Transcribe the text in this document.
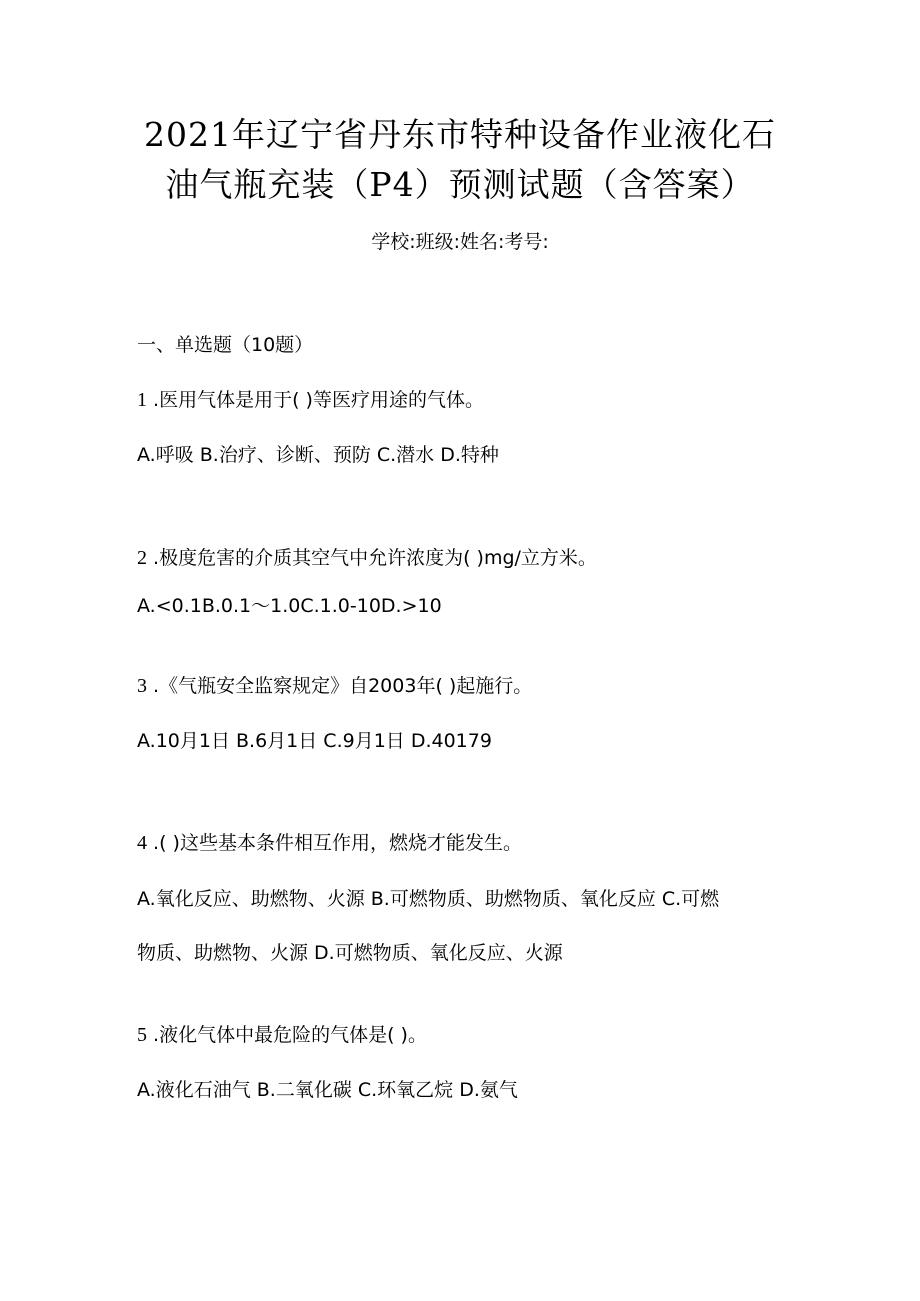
2021年辽宁省丹东市特种设备作业液化石
油气瓶充装（P4）预测试题（含答案）
学校:班级:姓名:考号:
一、单选题（10题）
1 .医用气体是用于( )等医疗用途的气体。
A.呼吸 B.治疗、诊断、预防 C.潜水 D.特种
2 .极度危害的介质其空气中允许浓度为( )mg/立方米。
A.<0.1B.0.1～1.0C.1.0-10D.>10
3 .《气瓶安全监察规定》自2003年( )起施行。
A.10月1日 B.6月1日 C.9月1日 D.40179
4 .( )这些基本条件相互作用，燃烧才能发生。
A.氧化反应、助燃物、火源 B.可燃物质、助燃物质、氧化反应 C.可燃
物质、助燃物、火源 D.可燃物质、氧化反应、火源
5 .液化气体中最危险的气体是( )。
A.液化石油气 B.二氧化碳 C.环氧乙烷 D.氨气
